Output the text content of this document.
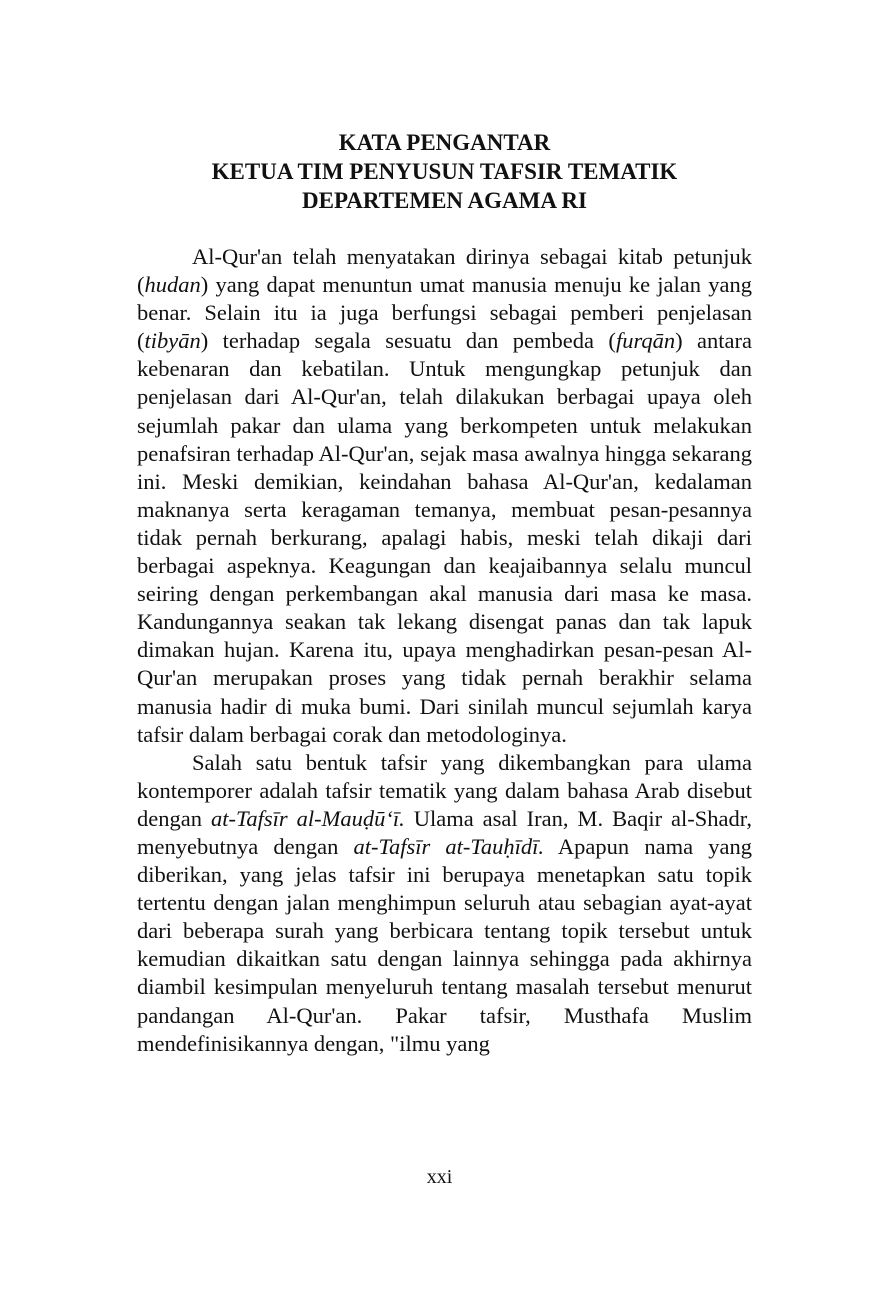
KATA PENGANTAR
KETUA TIM PENYUSUN TAFSIR TEMATIK
DEPARTEMEN AGAMA RI

Al-Qur'an telah menyatakan dirinya sebagai kitab petunjuk (hudan) yang dapat menuntun umat manusia menuju ke jalan yang benar. Selain itu ia juga berfungsi sebagai pemberi penjelasan (tibyān) terhadap segala sesuatu dan pembeda (furqān) antara kebenaran dan kebatilan. Untuk mengungkap petunjuk dan penjelasan dari Al-Qur'an, telah dilakukan berbagai upaya oleh sejumlah pakar dan ulama yang berkompeten untuk melakukan penafsiran terhadap Al-Qur'an, sejak masa awalnya hingga sekarang ini. Meski demikian, keindahan bahasa Al-Qur'an, kedalaman maknanya serta keragaman temanya, membuat pesan-pesannya tidak pernah berkurang, apalagi habis, meski telah dikaji dari berbagai aspeknya. Keagungan dan keajaibannya selalu muncul seiring dengan perkembangan akal manusia dari masa ke masa. Kandungannya seakan tak lekang disengat panas dan tak lapuk dimakan hujan. Karena itu, upaya menghadirkan pesan-pesan Al-Qur'an merupakan proses yang tidak pernah berakhir selama manusia hadir di muka bumi. Dari sinilah muncul sejumlah karya tafsir dalam berbagai corak dan metodologinya.

Salah satu bentuk tafsir yang dikembangkan para ulama kontemporer adalah tafsir tematik yang dalam bahasa Arab disebut dengan at-Tafsīr al-Mauḍū‘ī. Ulama asal Iran, M. Baqir al-Shadr, menyebutnya dengan at-Tafsīr at-Tauḥīdī. Apapun nama yang diberikan, yang jelas tafsir ini berupaya menetapkan satu topik tertentu dengan jalan menghimpun seluruh atau sebagian ayat-ayat dari beberapa surah yang berbicara tentang topik tersebut untuk kemudian dikaitkan satu dengan lainnya sehingga pada akhirnya diambil kesimpulan menyeluruh tentang masalah tersebut menurut pandangan Al-Qur'an. Pakar tafsir, Musthafa Muslim mendefinisikannya dengan, "ilmu yang

xxi
